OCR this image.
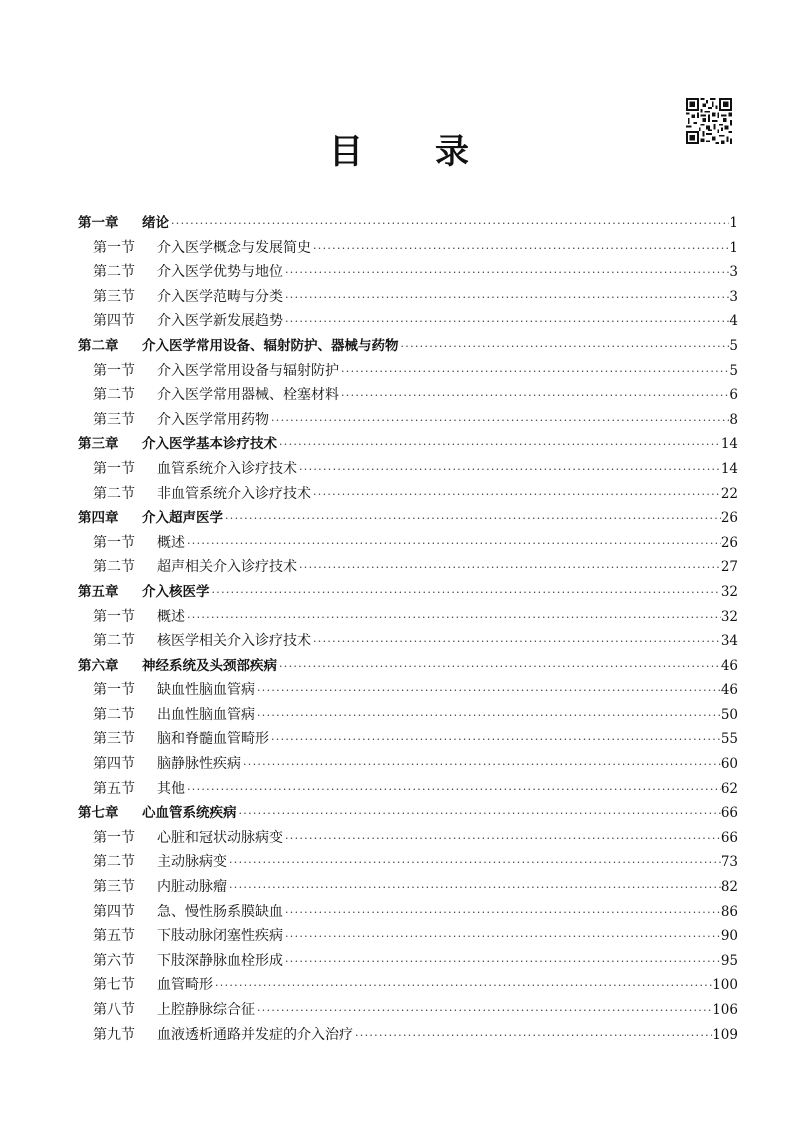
目 录
第一章	绪论 ·····	1
第一节	介入医学概念与发展简史 ·····	1
第二节	介入医学优势与地位 ·····	3
第三节	介入医学范畴与分类 ·····	3
第四节	介入医学新发展趋势 ·····	4
第二章	介入医学常用设备、辐射防护、器械与药物 ·····	5
第一节	介入医学常用设备与辐射防护 ·····	5
第二节	介入医学常用器械、栓塞材料 ·····	6
第三节	介入医学常用药物 ·····	8
第三章	介入医学基本诊疗技术 ·····	14
第一节	血管系统介入诊疗技术 ·····	14
第二节	非血管系统介入诊疗技术 ·····	22
第四章	介入超声医学 ·····	26
第一节	概述 ·····	26
第二节	超声相关介入诊疗技术 ·····	27
第五章	介入核医学 ·····	32
第一节	概述 ·····	32
第二节	核医学相关介入诊疗技术 ·····	34
第六章	神经系统及头颈部疾病 ·····	46
第一节	缺血性脑血管病 ·····	46
第二节	出血性脑血管病 ·····	50
第三节	脑和脊髓血管畸形 ·····	55
第四节	脑静脉性疾病 ·····	60
第五节	其他 ·····	62
第七章	心血管系统疾病 ·····	66
第一节	心脏和冠状动脉病变 ·····	66
第二节	主动脉病变 ·····	73
第三节	内脏动脉瘤 ·····	82
第四节	急、慢性肠系膜缺血 ·····	86
第五节	下肢动脉闭塞性疾病 ·····	90
第六节	下肢深静脉血栓形成 ·····	95
第七节	血管畸形 ·····	100
第八节	上腔静脉综合征 ·····	106
第九节	血液透析通路并发症的介入治疗 ·····	109
